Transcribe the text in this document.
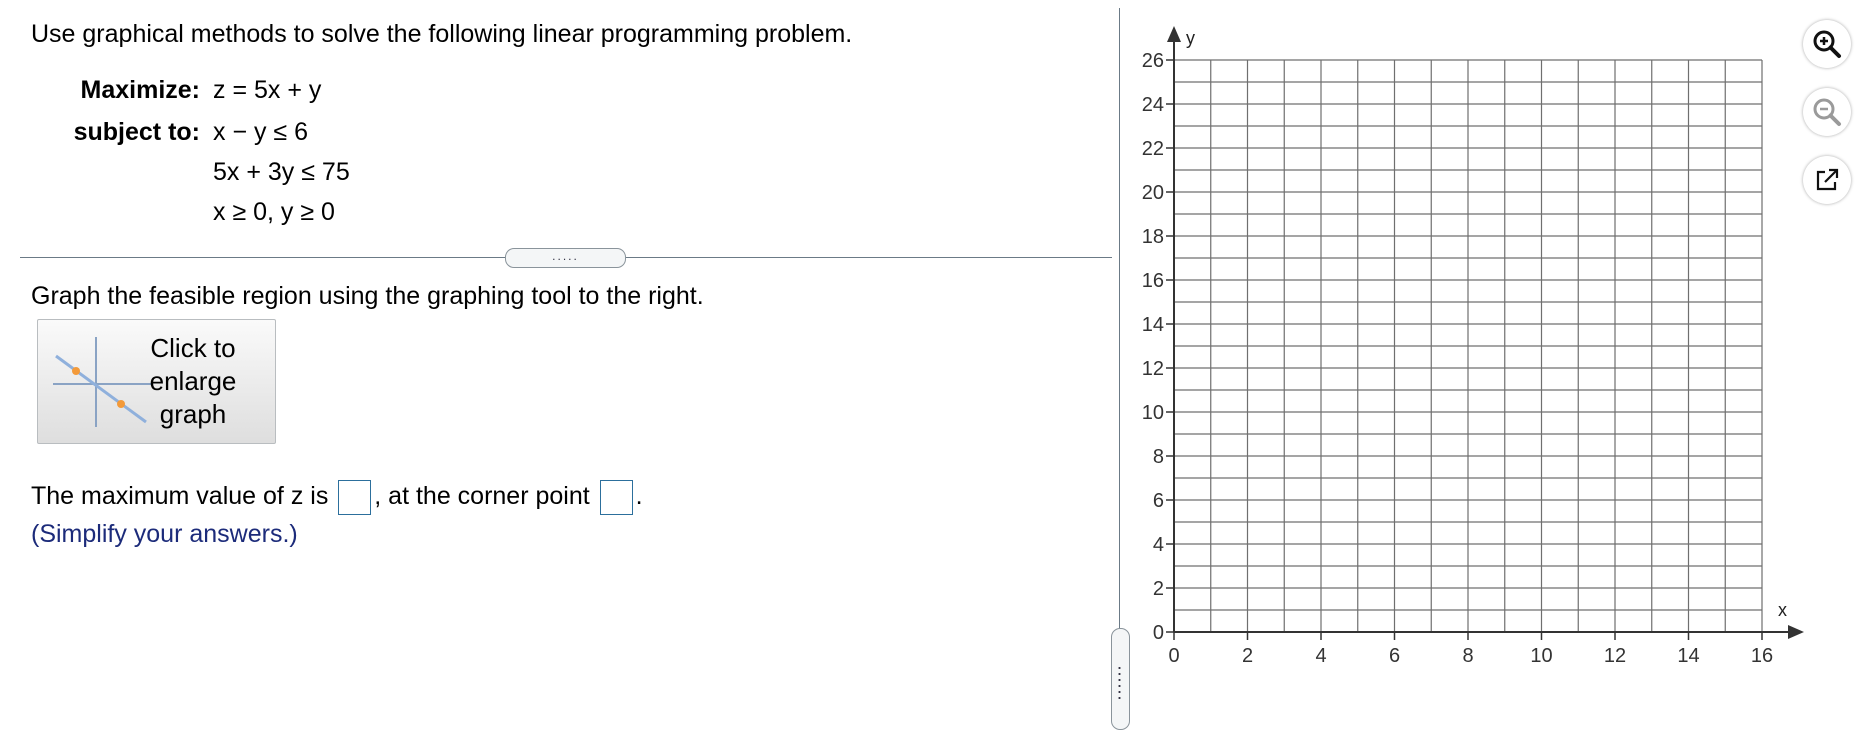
Use graphical methods to solve the following linear programming problem.
Maximize: z = 5x + y
subject to: x − y ≤ 6
5x + 3y ≤ 75
x ≥ 0, y ≥ 0
.....
Graph the feasible region using the graphing tool to the right.
Click to
enlarge
graph
The maximum value of z is , at the corner point .
(Simplify your answers.)
x
y
0	2	4	6	8	10	12	14	16
0
2
4
6
8
10
12
14
16
18
20
22
24
26
